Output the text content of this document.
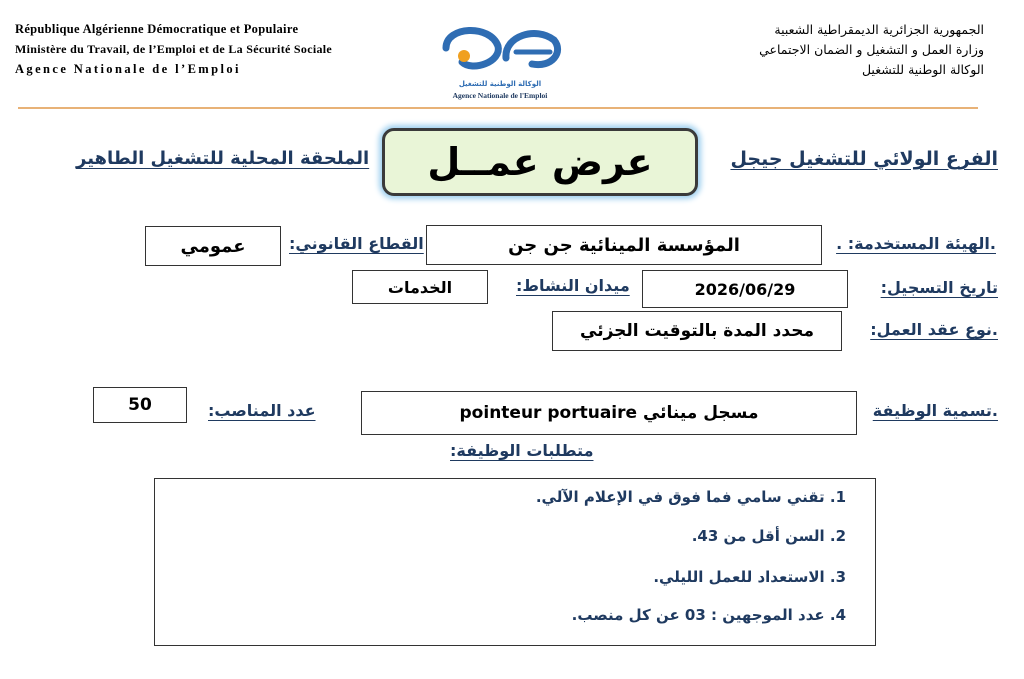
République Algérienne Démocratique et Populaire
Ministère du Travail, de l’Emploi et de La Sécurité Sociale
Agence Nationale de l’Emploi
الوكالة الوطنية للتشغيل
Agence Nationale de l'Emploi
الجمهورية الجزائرية الديمقراطية الشعبية
وزارة العمل و التشغيل و الضمان الاجتماعي
الوكالة الوطنية للتشغيل
الفرع الولائي للتشغيل جيجل
عرض عمــل
الملحقة المحلية للتشغيل الطاهير
.الهيئة المستخدمة: .
المؤسسة المينائية جن جن
القطاع القانوني:
عمومي
تاريخ التسجيل:
2026/06/29
ميدان النشاط:
الخدمات
.نوع عقد العمل:
محدد المدة بالتوقيت الجزئي
.تسمية الوظيفة
مسجل مينائي pointeur portuaire
عدد المناصب:
50
متطلبات الوظيفة:
1. تقني سامي فما فوق في الإعلام الآلي.
2. السن أقل من 43.
3. الاستعداد للعمل الليلي.
4. عدد الموجهين : 03 عن كل منصب.
